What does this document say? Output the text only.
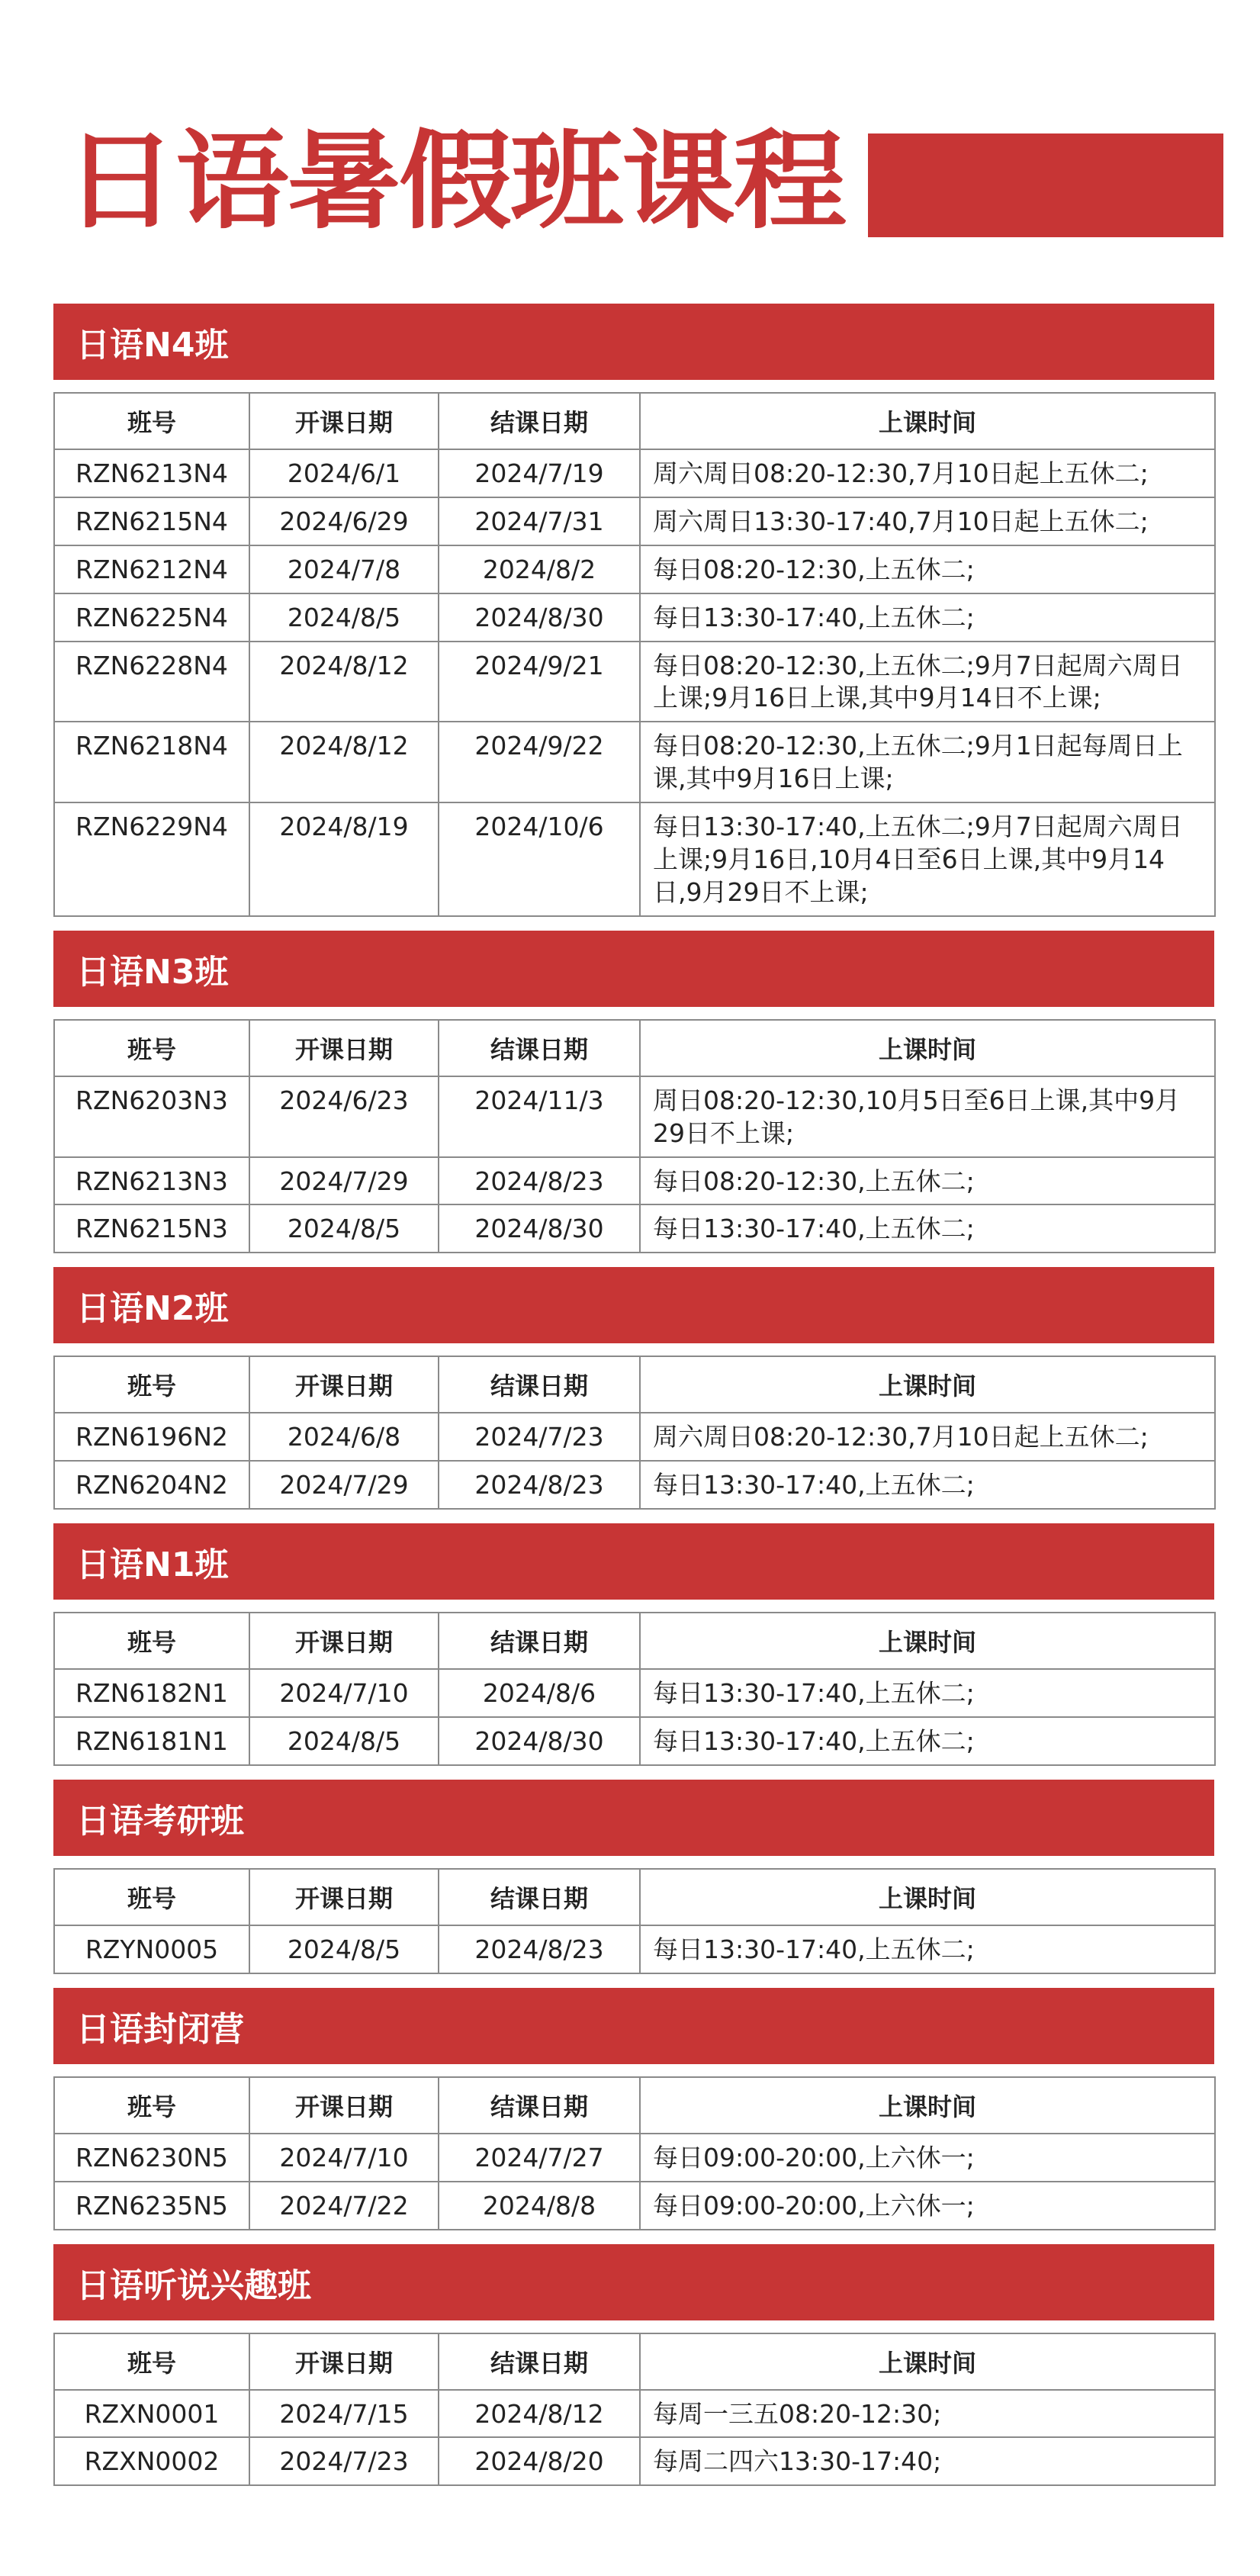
日语暑假班课程
日语N4班
班号	开课日期	结课日期	上课时间
RZN6213N4	2024/6/1	2024/7/19	周六周日08:20-12:30,7月10日起上五休二;
RZN6215N4	2024/6/29	2024/7/31	周六周日13:30-17:40,7月10日起上五休二;
RZN6212N4	2024/7/8	2024/8/2	每日08:20-12:30,上五休二;
RZN6225N4	2024/8/5	2024/8/30	每日13:30-17:40,上五休二;
RZN6228N4	2024/8/12	2024/9/21	每日08:20-12:30,上五休二;9月7日起周六周日上课;9月16日上课,其中9月14日不上课;
RZN6218N4	2024/8/12	2024/9/22	每日08:20-12:30,上五休二;9月1日起每周日上课,其中9月16日上课;
RZN6229N4	2024/8/19	2024/10/6	每日13:30-17:40,上五休二;9月7日起周六周日上课;9月16日,10月4日至6日上课,其中9月14日,9月29日不上课;
日语N3班
班号	开课日期	结课日期	上课时间
RZN6203N3	2024/6/23	2024/11/3	周日08:20-12:30,10月5日至6日上课,其中9月29日不上课;
RZN6213N3	2024/7/29	2024/8/23	每日08:20-12:30,上五休二;
RZN6215N3	2024/8/5	2024/8/30	每日13:30-17:40,上五休二;
日语N2班
班号	开课日期	结课日期	上课时间
RZN6196N2	2024/6/8	2024/7/23	周六周日08:20-12:30,7月10日起上五休二;
RZN6204N2	2024/7/29	2024/8/23	每日13:30-17:40,上五休二;
日语N1班
班号	开课日期	结课日期	上课时间
RZN6182N1	2024/7/10	2024/8/6	每日13:30-17:40,上五休二;
RZN6181N1	2024/8/5	2024/8/30	每日13:30-17:40,上五休二;
日语考研班
班号	开课日期	结课日期	上课时间
RZYN0005	2024/8/5	2024/8/23	每日13:30-17:40,上五休二;
日语封闭营
班号	开课日期	结课日期	上课时间
RZN6230N5	2024/7/10	2024/7/27	每日09:00-20:00,上六休一;
RZN6235N5	2024/7/22	2024/8/8	每日09:00-20:00,上六休一;
日语听说兴趣班
班号	开课日期	结课日期	上课时间
RZXN0001	2024/7/15	2024/8/12	每周一三五08:20-12:30;
RZXN0002	2024/7/23	2024/8/20	每周二四六13:30-17:40;
